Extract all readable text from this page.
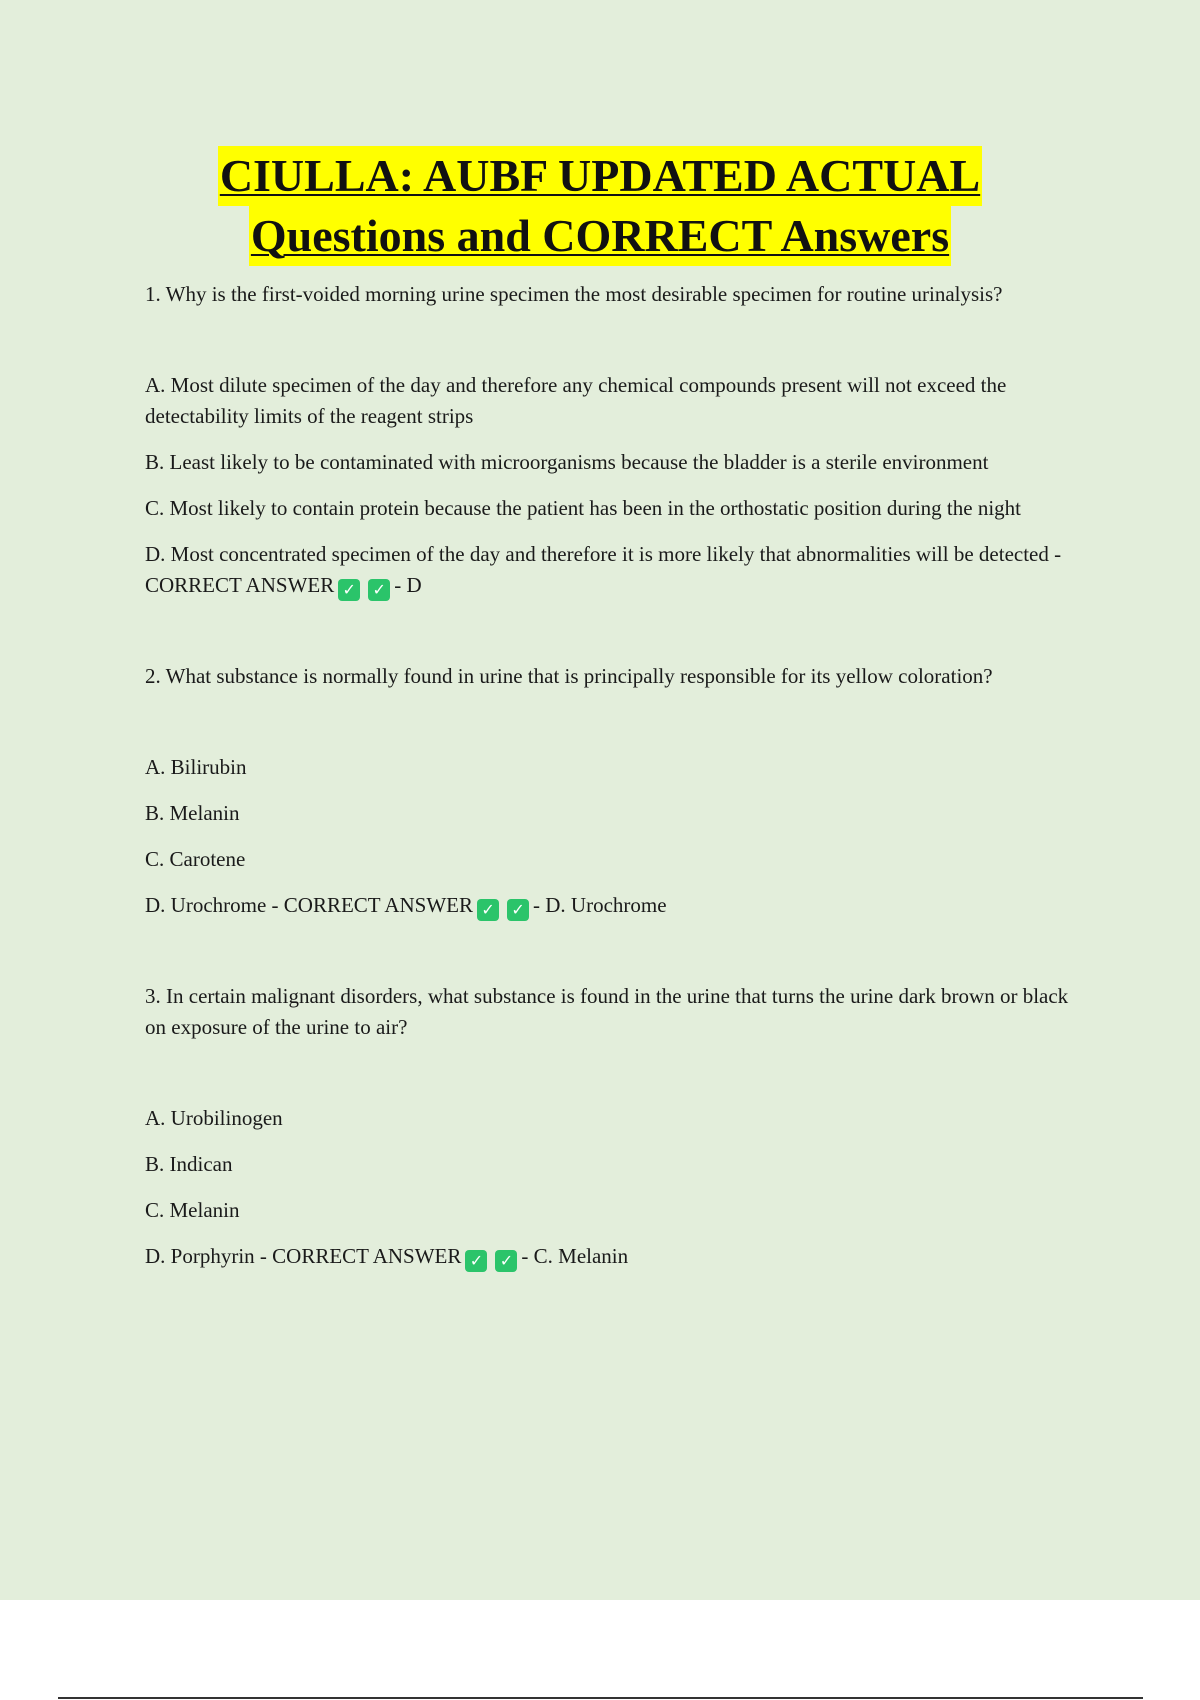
CIULLA: AUBF UPDATED ACTUAL
Questions and CORRECT Answers

1. Why is the first-voided morning urine specimen the most desirable specimen for routine urinalysis?

A. Most dilute specimen of the day and therefore any chemical compounds present will not exceed the detectability limits of the reagent strips

B. Least likely to be contaminated with microorganisms because the bladder is a sterile environment

C. Most likely to contain protein because the patient has been in the orthostatic position during the night

D. Most concentrated specimen of the day and therefore it is more likely that abnormalities will be detected - CORRECT ANSWER ✓ ✓ - D

2. What substance is normally found in urine that is principally responsible for its yellow coloration?

A. Bilirubin

B. Melanin

C. Carotene

D. Urochrome - CORRECT ANSWER ✓ ✓ - D. Urochrome

3. In certain malignant disorders, what substance is found in the urine that turns the urine dark brown or black on exposure of the urine to air?

A. Urobilinogen

B. Indican

C. Melanin

D. Porphyrin - CORRECT ANSWER ✓ ✓ - C. Melanin
